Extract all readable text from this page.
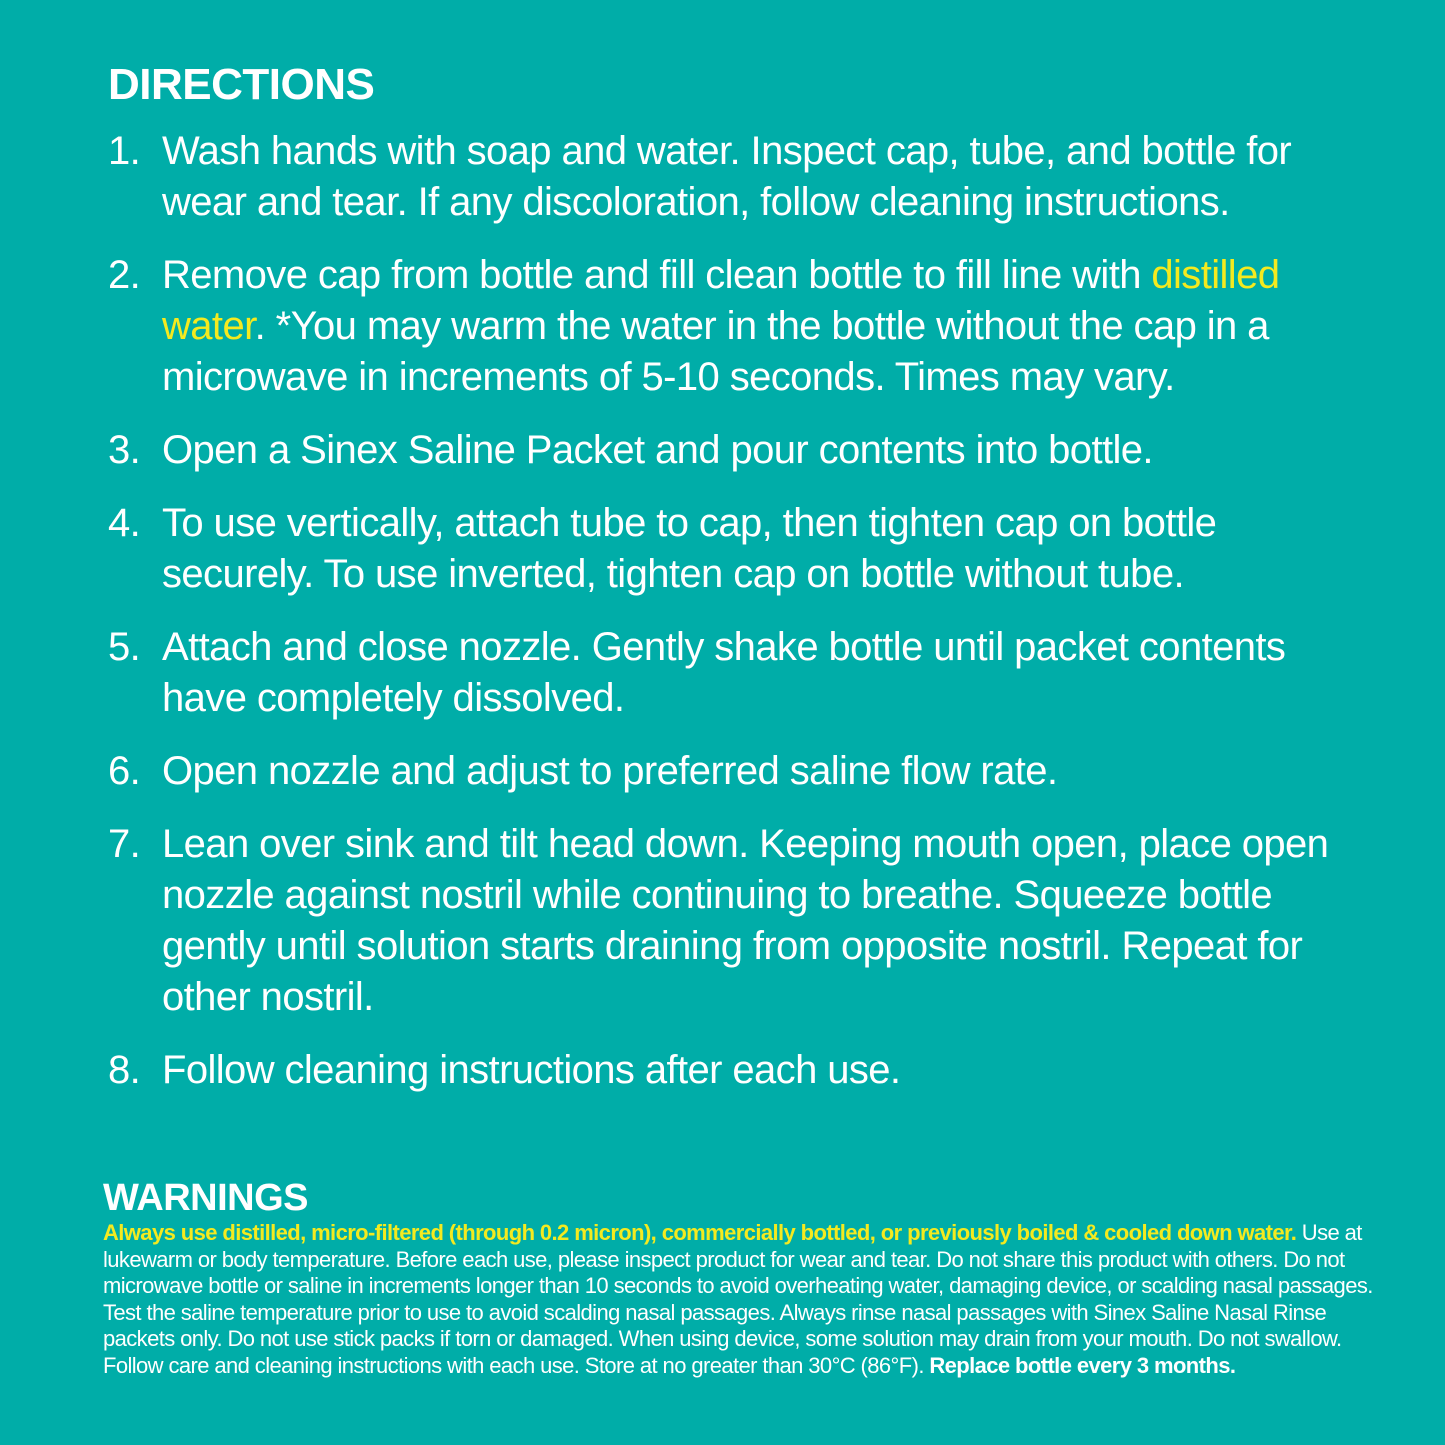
DIRECTIONS
1. Wash hands with soap and water. Inspect cap, tube, and bottle for wear and tear. If any discoloration, follow cleaning instructions.
2. Remove cap from bottle and fill clean bottle to fill line with distilled water. *You may warm the water in the bottle without the cap in a microwave in increments of 5-10 seconds. Times may vary.
3. Open a Sinex Saline Packet and pour contents into bottle.
4. To use vertically, attach tube to cap, then tighten cap on bottle securely. To use inverted, tighten cap on bottle without tube.
5. Attach and close nozzle. Gently shake bottle until packet contents have completely dissolved.
6. Open nozzle and adjust to preferred saline flow rate.
7. Lean over sink and tilt head down. Keeping mouth open, place open nozzle against nostril while continuing to breathe. Squeeze bottle gently until solution starts draining from opposite nostril. Repeat for other nostril.
8. Follow cleaning instructions after each use.
WARNINGS

Always use distilled, micro-filtered (through 0.2 micron), commercially bottled, or previously boiled & cooled down water. Use at lukewarm or body temperature. Before each use, please inspect product for wear and tear. Do not share this product with others. Do not microwave bottle or saline in increments longer than 10 seconds to avoid overheating water, damaging device, or scalding nasal passages. Test the saline temperature prior to use to avoid scalding nasal passages. Always rinse nasal passages with Sinex Saline Nasal Rinse packets only. Do not use stick packs if torn or damaged. When using device, some solution may drain from your mouth. Do not swallow. Follow care and cleaning instructions with each use. Store at no greater than 30°C (86°F). Replace bottle every 3 months.
